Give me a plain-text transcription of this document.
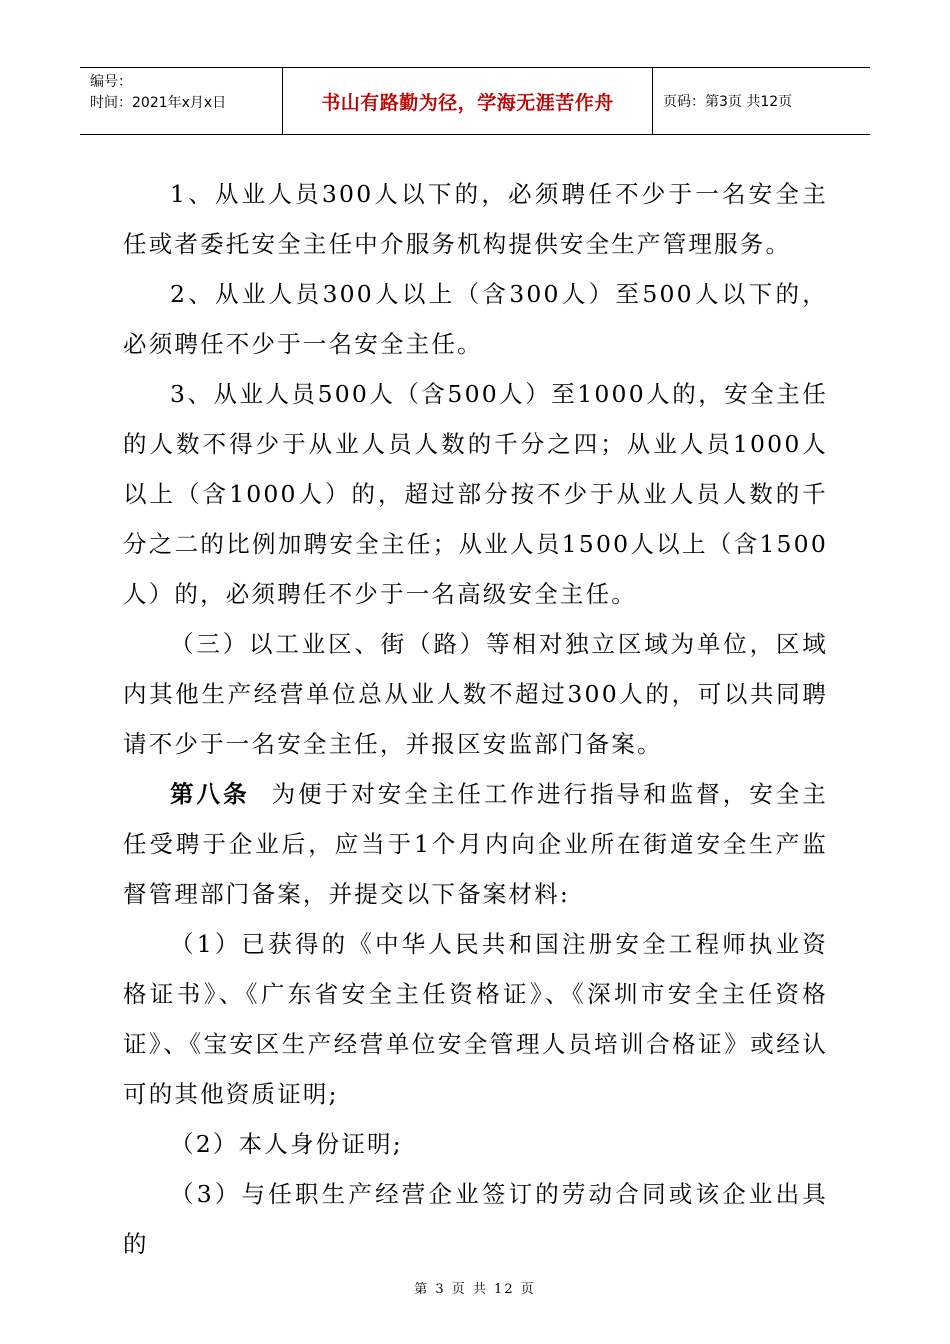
编号：
时间：2021年x月x日	书山有路勤为径，学海无涯苦作舟	页码：第3页 共12页

1、从业人员300人以下的，必须聘任不少于一名安全主任或者委托安全主任中介服务机构提供安全生产管理服务。

2、从业人员300人以上（含300人）至500人以下的，必须聘任不少于一名安全主任。

3、从业人员500人（含500人）至1000人的，安全主任的人数不得少于从业人员人数的千分之四；从业人员1000人以上（含1000人）的，超过部分按不少于从业人员人数的千分之二的比例加聘安全主任；从业人员1500人以上（含1500人）的，必须聘任不少于一名高级安全主任。

（三）以工业区、街（路）等相对独立区域为单位，区域内其他生产经营单位总从业人数不超过300人的，可以共同聘请不少于一名安全主任，并报区安监部门备案。

第八条 为便于对安全主任工作进行指导和监督，安全主任受聘于企业后，应当于1个月内向企业所在街道安全生产监督管理部门备案，并提交以下备案材料:

（1）已获得的《中华人民共和国注册安全工程师执业资格证书》、《广东省安全主任资格证》、《深圳市安全主任资格证》、《宝安区生产经营单位安全管理人员培训合格证》或经认可的其他资质证明;

（2）本人身份证明;

（3）与任职生产经营企业签订的劳动合同或该企业出具的

第 3 页 共 12 页
